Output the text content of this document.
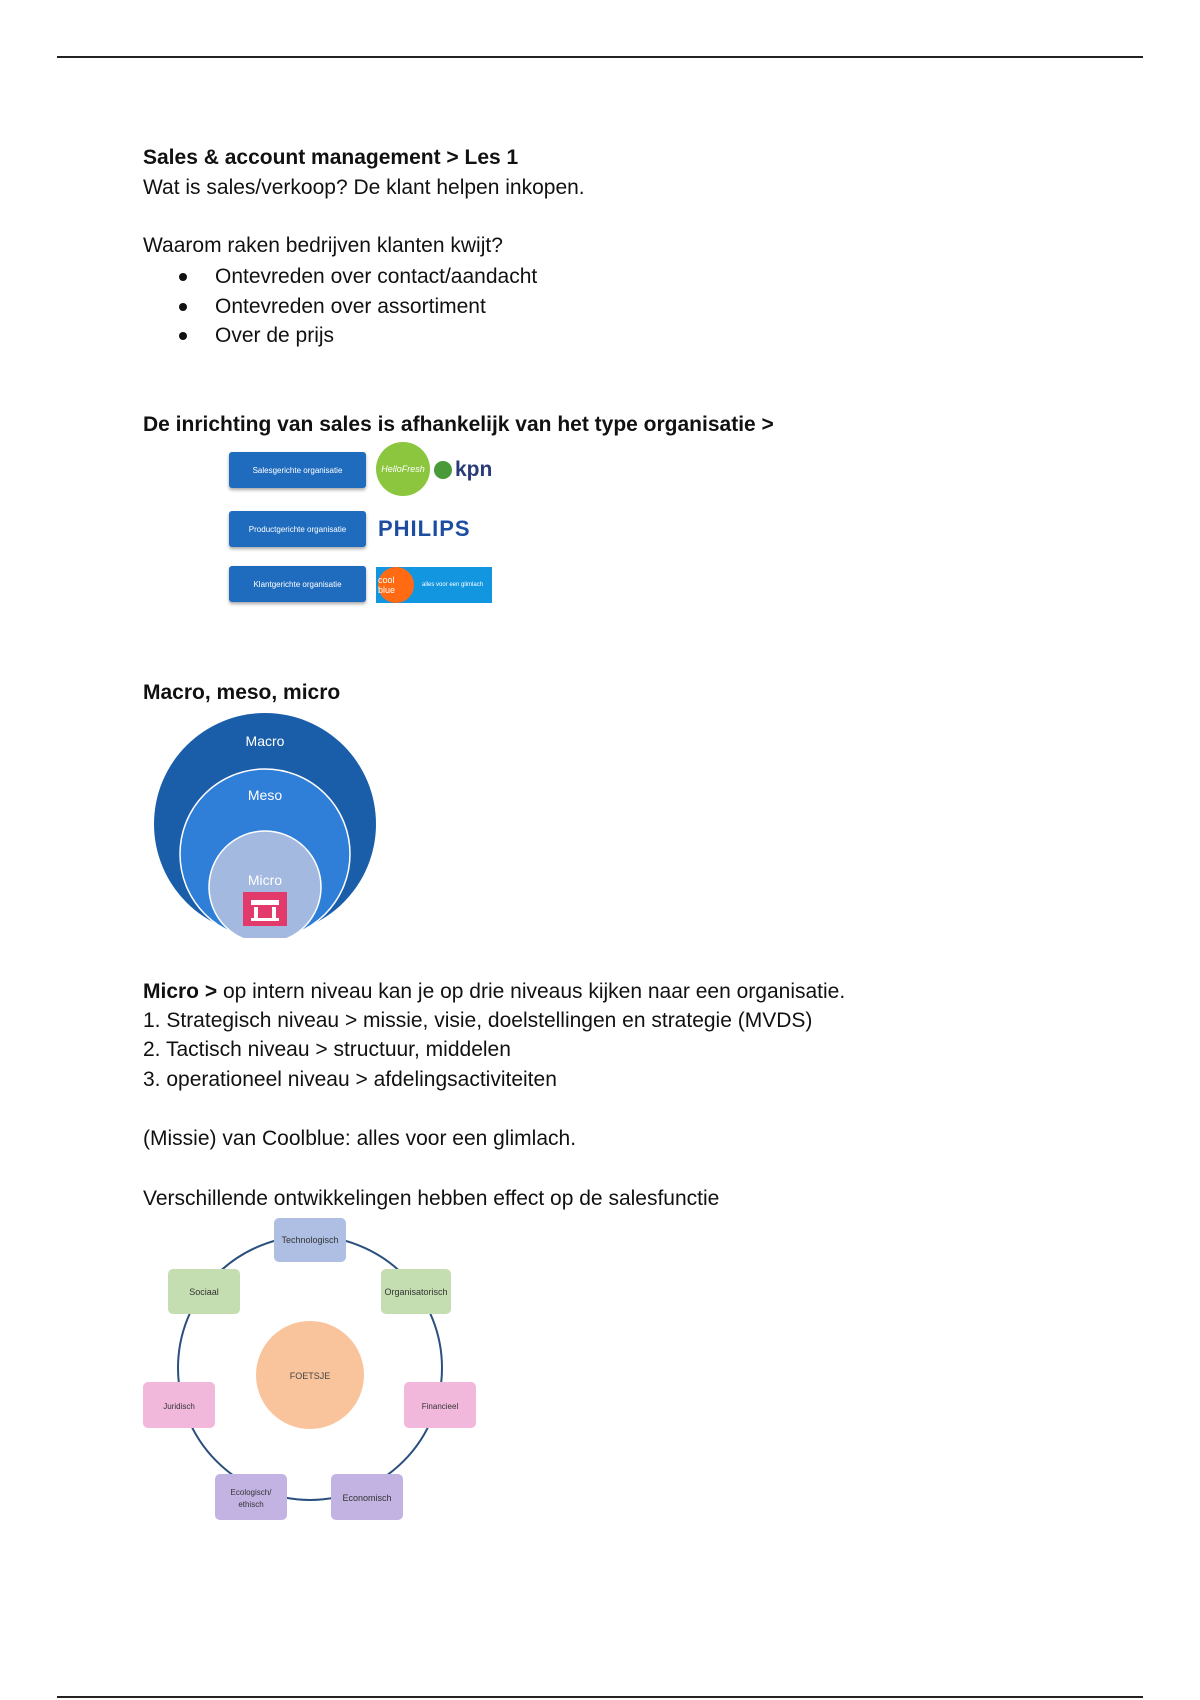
Sales & account management > Les 1
Wat is sales/verkoop? De klant helpen inkopen.
Waarom raken bedrijven klanten kwijt?
Ontevreden over contact/aandacht
Ontevreden over assortiment
Over de prijs
De inrichting van sales is afhankelijk van het type organisatie >
Salesgerichte organisatie
Productgerichte organisatie
Klantgerichte organisatie
HelloFresh kpn
PHILIPS
cool blue	alles voor een glimlach
Macro, meso, micro
Macro
Meso
Micro
Micro > op intern niveau kan je op drie niveaus kijken naar een organisatie.
1. Strategisch niveau > missie, visie, doelstellingen en strategie (MVDS)
2. Tactisch niveau > structuur, middelen
3. operationeel niveau > afdelingsactiviteiten
(Missie) van Coolblue: alles voor een glimlach.
Verschillende ontwikkelingen hebben effect op de salesfunctie
FOETSJE
Technologisch
Organisatorisch
Financieel
Economisch
Ecologisch/
ethisch
Juridisch
Sociaal
